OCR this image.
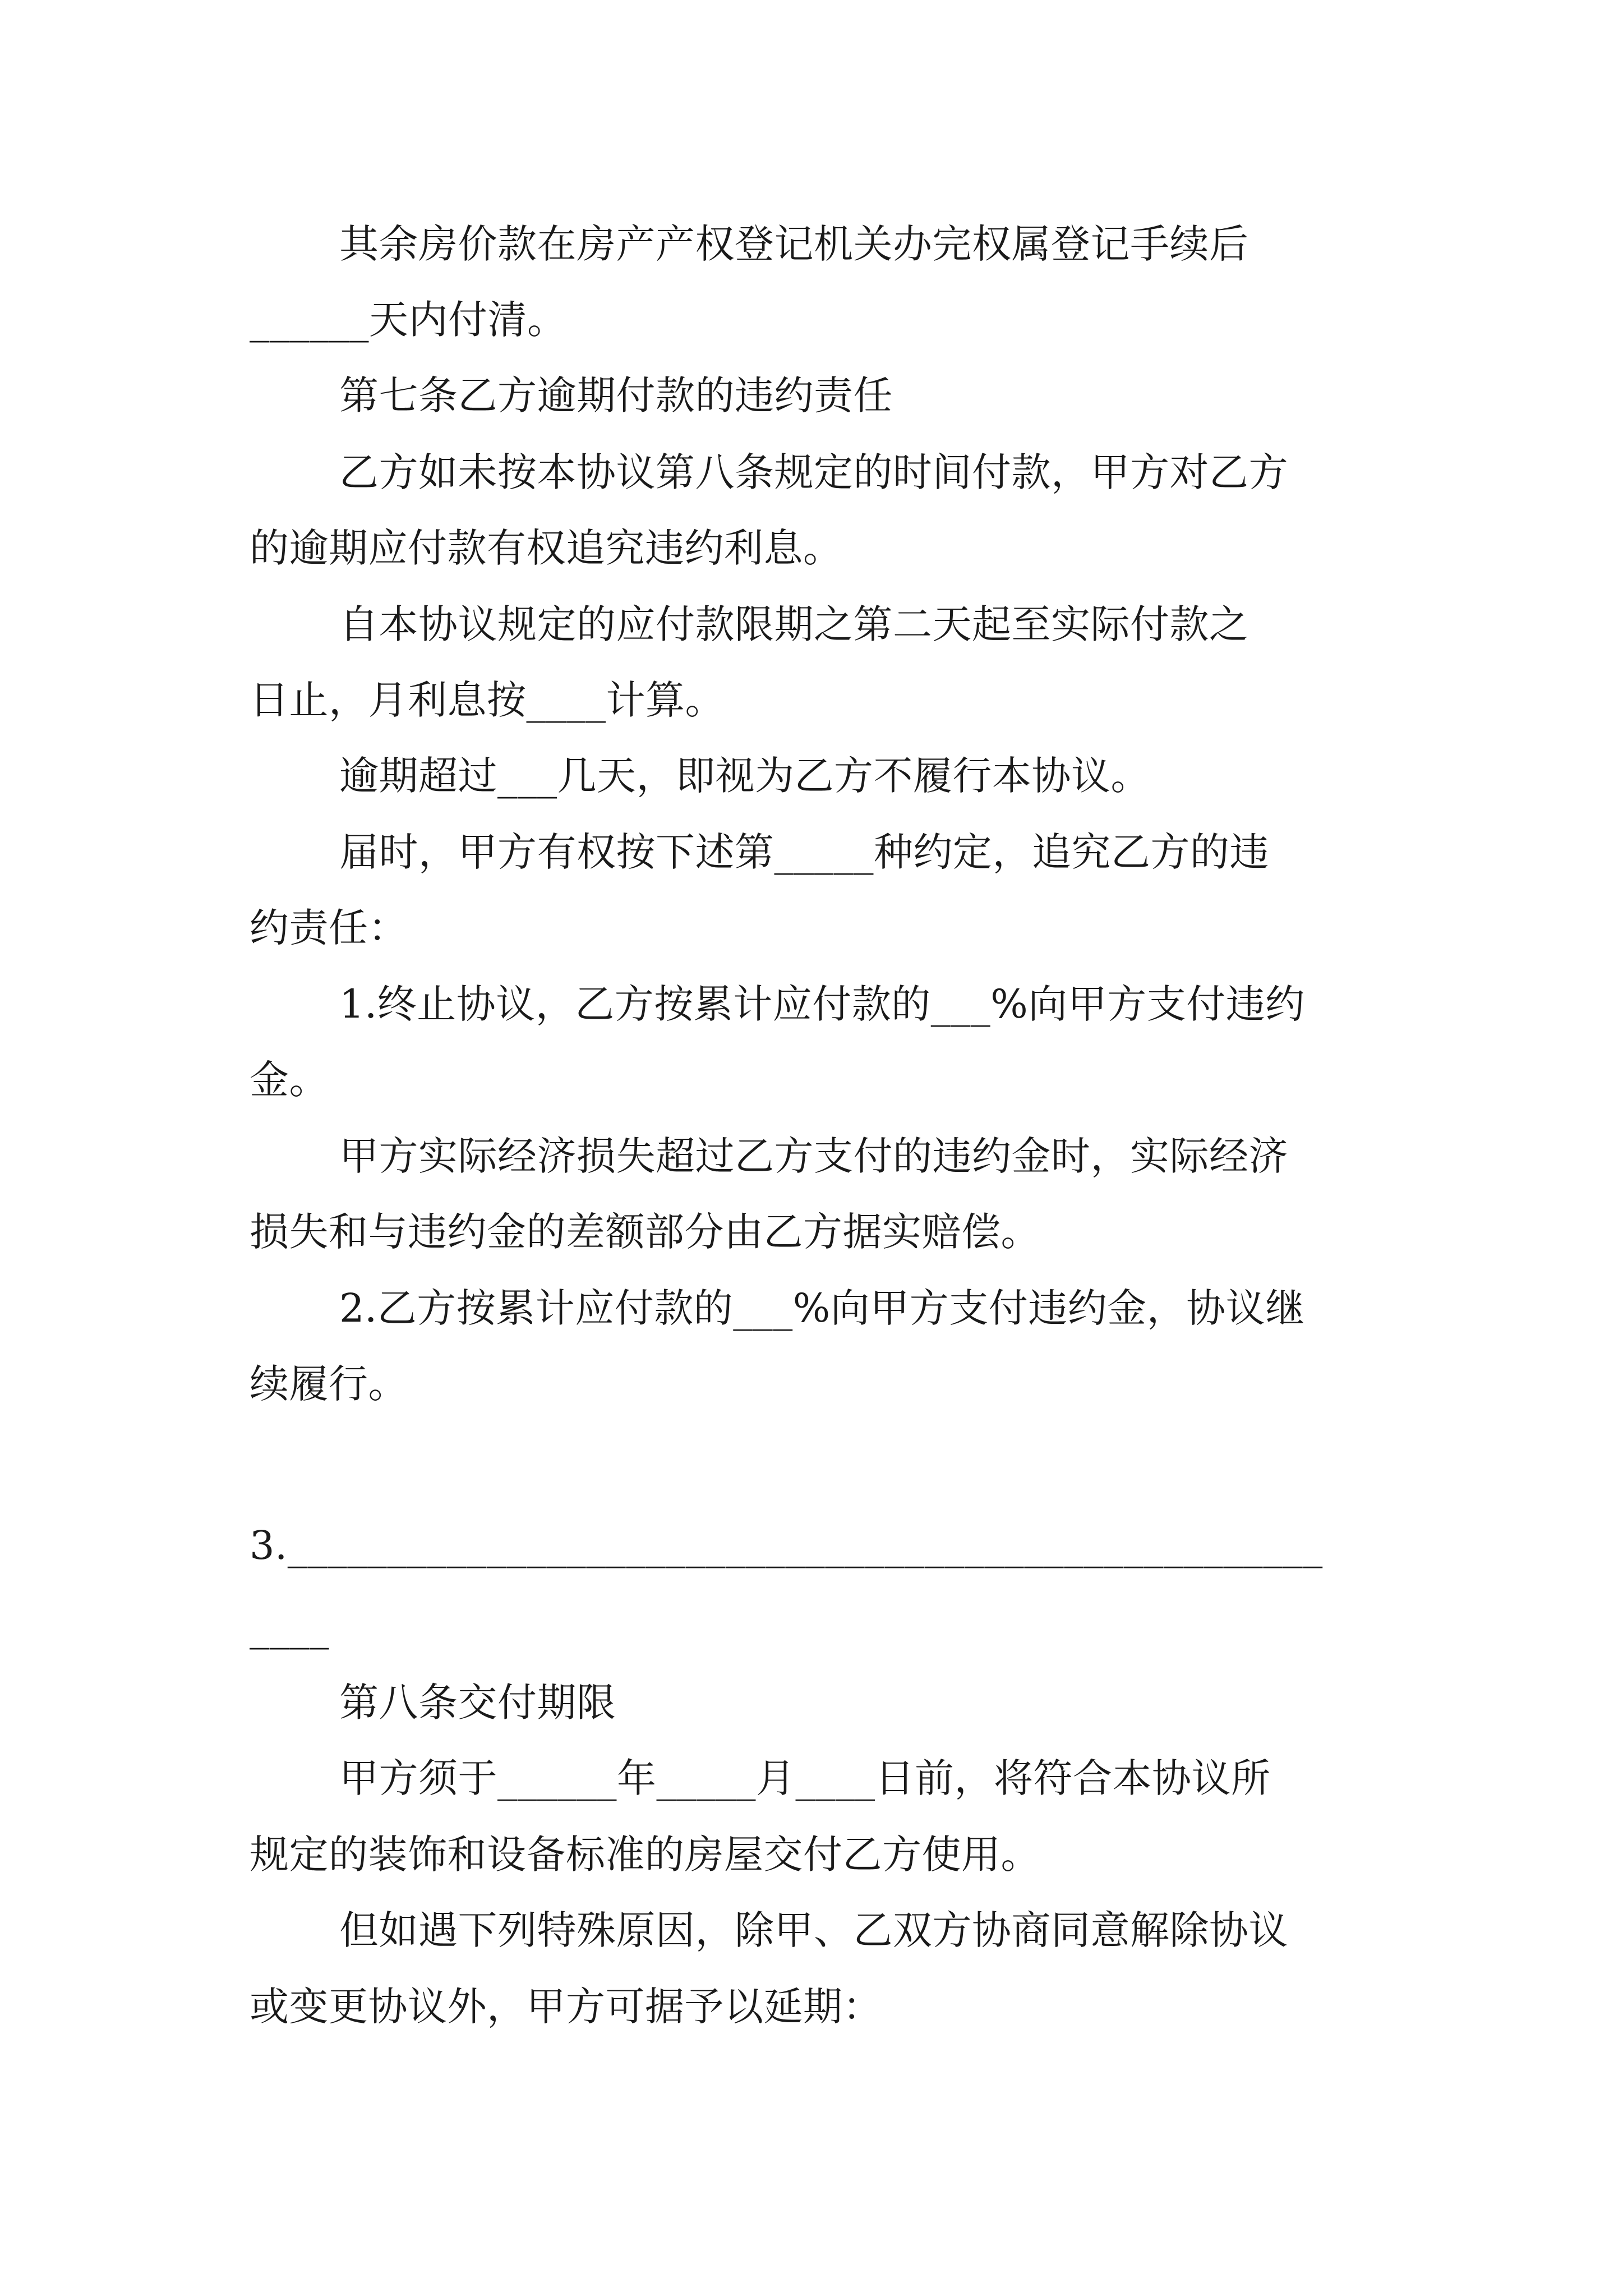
其余房价款在房产产权登记机关办完权属登记手续后
______天内付清。
第七条乙方逾期付款的违约责任
乙方如未按本协议第八条规定的时间付款，甲方对乙方
的逾期应付款有权追究违约利息。
自本协议规定的应付款限期之第二天起至实际付款之
日止，月利息按____计算。
逾期超过___几天，即视为乙方不履行本协议。
届时，甲方有权按下述第_____种约定，追究乙方的违
约责任：
1.终止协议，乙方按累计应付款的___%向甲方支付违约
金。
甲方实际经济损失超过乙方支付的违约金时，实际经济
损失和与违约金的差额部分由乙方据实赔偿。
2.乙方按累计应付款的___%向甲方支付违约金，协议继
续履行。
3.____________________________________________________
____
第八条交付期限
甲方须于______年_____月____日前，将符合本协议所
规定的装饰和设备标准的房屋交付乙方使用。
但如遇下列特殊原因，除甲、乙双方协商同意解除协议
或变更协议外，甲方可据予以延期：
